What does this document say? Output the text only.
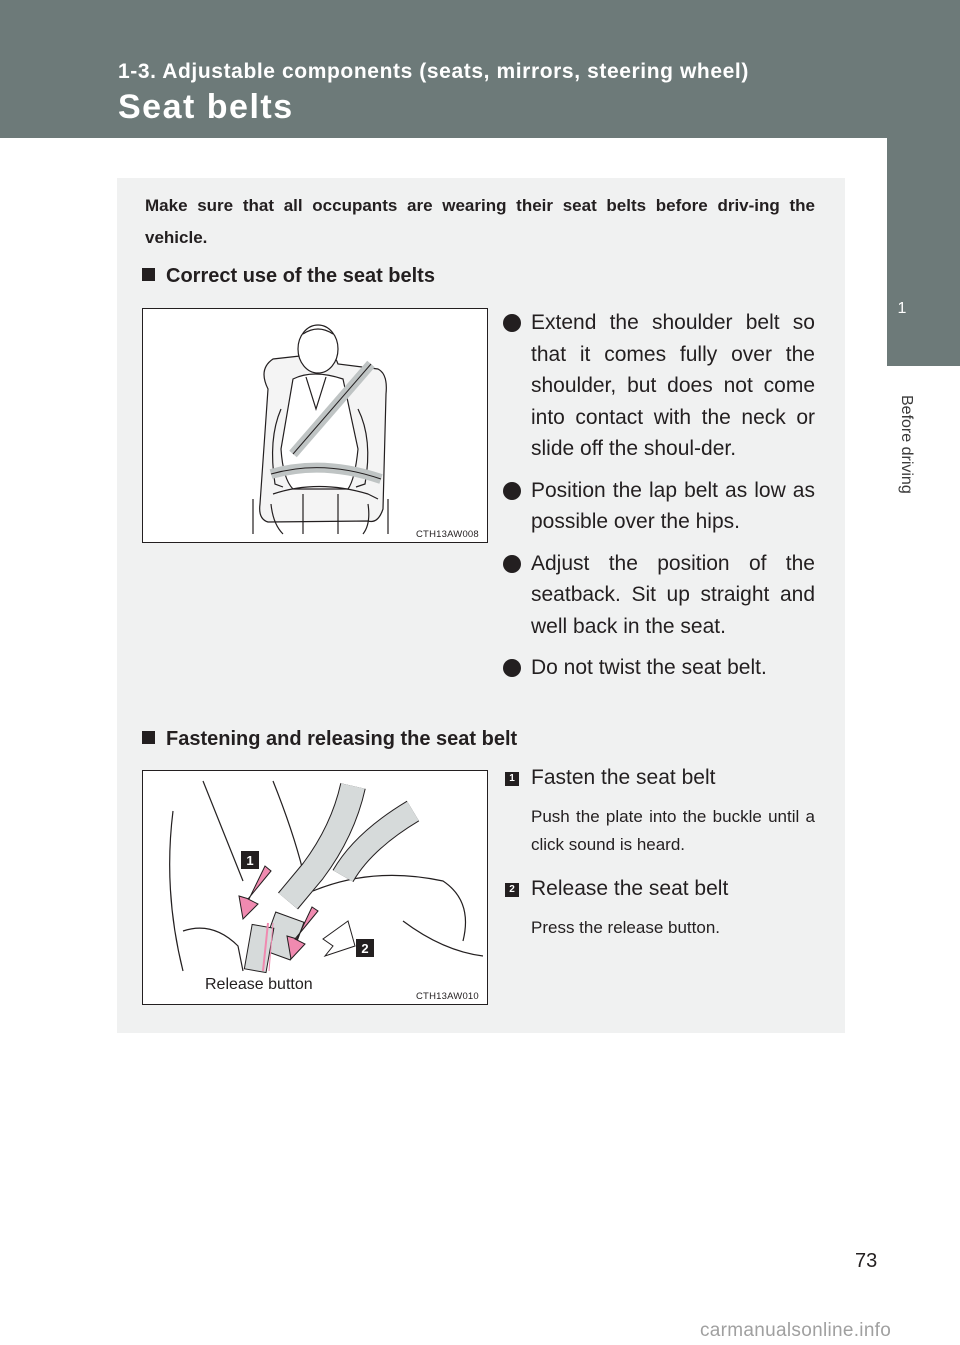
1-3. Adjustable components (seats, mirrors, steering wheel)
Seat belts
1
Before driving
Make sure that all occupants are wearing their seat belts before driv-ing the vehicle.
Correct use of the seat belts
CTH13AW008
Extend the shoulder belt so that it comes fully over the shoulder, but does not come into contact with the neck or slide off the shoul-der.
Position the lap belt as low as possible over the hips.
Adjust the position of the seatback. Sit up straight and well back in the seat.
Do not twist the seat belt.
Fastening and releasing the seat belt
1
2
Release button
CTH13AW010
1 Fasten the seat belt
Push the plate into the buckle until a click sound is heard.
2 Release the seat belt
Press the release button.
73
carmanualsonline.info
